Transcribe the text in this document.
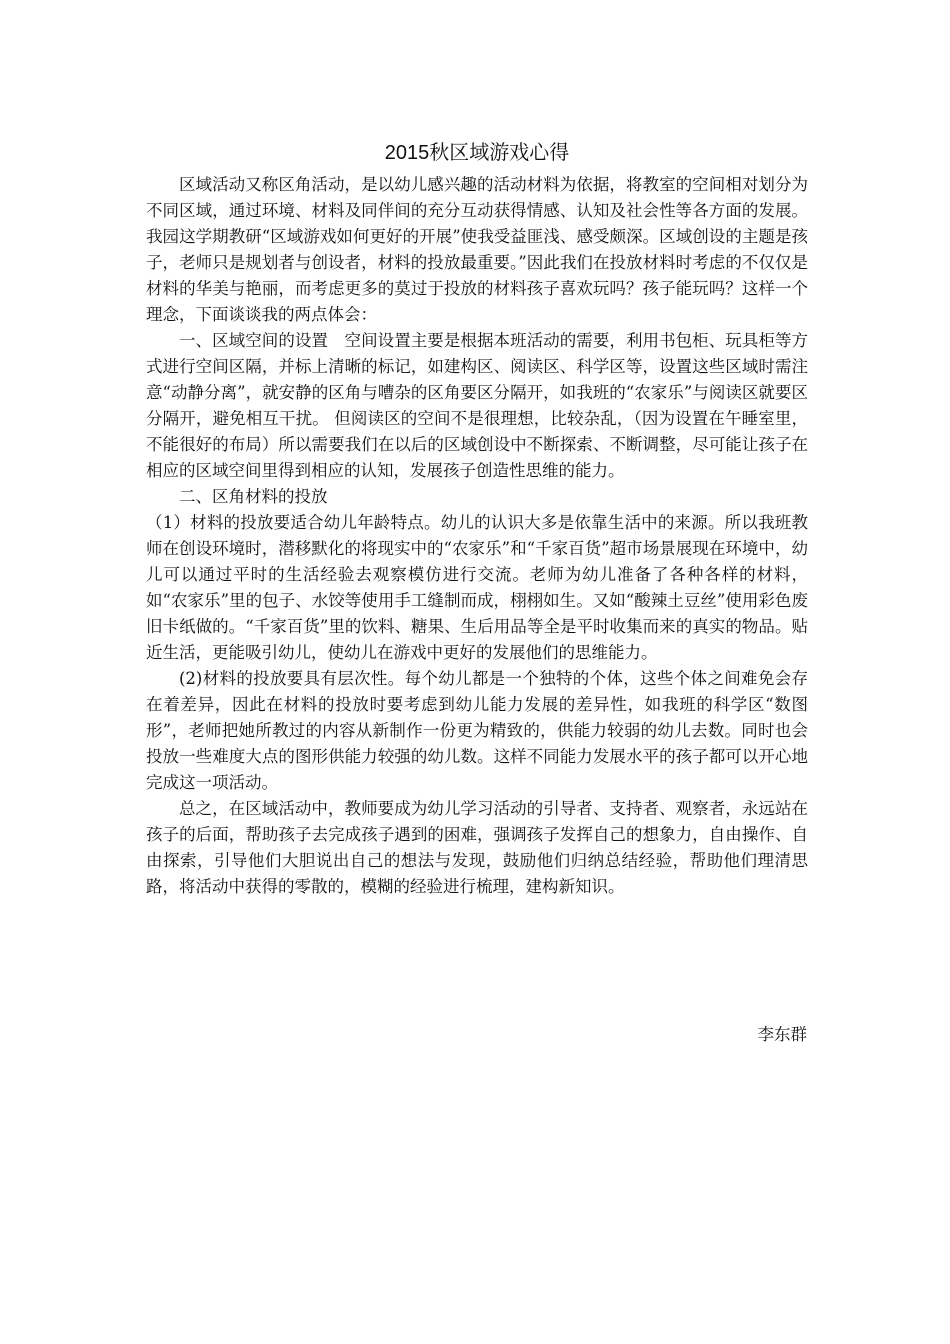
2015秋区域游戏心得

区域活动又称区角活动，是以幼儿感兴趣的活动材料为依据，将教室的空间相对划分为不同区域，通过环境、材料及同伴间的充分互动获得情感、认知及社会性等各方面的发展。 我园这学期教研“区域游戏如何更好的开展”使我受益匪浅、感受颇深。区域创设的主题是孩子，老师只是规划者与创设者，材料的投放最重要。”因此我们在投放材料时考虑的不仅仅是材料的华美与艳丽，而考虑更多的莫过于投放的材料孩子喜欢玩吗？孩子能玩吗？这样一个理念，下面谈谈我的两点体会：

一、区域空间的设置　空间设置主要是根据本班活动的需要，利用书包柜、玩具柜等方式进行空间区隔，并标上清晰的标记，如建构区、阅读区、科学区等，设置这些区域时需注意“动静分离”，就安静的区角与嘈杂的区角要区分隔开，如我班的“农家乐”与阅读区就要区分隔开，避免相互干扰。 但阅读区的空间不是很理想，比较杂乱，（因为设置在午睡室里，不能很好的布局）所以需要我们在以后的区域创设中不断探索、不断调整，尽可能让孩子在相应的区域空间里得到相应的认知，发展孩子创造性思维的能力。

二、区角材料的投放

（1）材料的投放要适合幼儿年龄特点。幼儿的认识大多是依靠生活中的来源。所以我班教师在创设环境时，潜移默化的将现实中的“农家乐”和“千家百货”超市场景展现在环境中，幼儿可以通过平时的生活经验去观察模仿进行交流。老师为幼儿准备了各种各样的材料，如“农家乐”里的包子、水饺等使用手工缝制而成，栩栩如生。又如“酸辣土豆丝”使用彩色废旧卡纸做的。“千家百货”里的饮料、糖果、生后用品等全是平时收集而来的真实的物品。贴近生活，更能吸引幼儿，使幼儿在游戏中更好的发展他们的思维能力。

(2)材料的投放要具有层次性。每个幼儿都是一个独特的个体，这些个体之间难免会存在着差异，因此在材料的投放时要考虑到幼儿能力发展的差异性，如我班的科学区“数图形”，老师把她所教过的内容从新制作一份更为精致的，供能力较弱的幼儿去数。同时也会投放一些难度大点的图形供能力较强的幼儿数。这样不同能力发展水平的孩子都可以开心地完成这一项活动。

总之，在区域活动中，教师要成为幼儿学习活动的引导者、支持者、观察者，永远站在孩子的后面，帮助孩子去完成孩子遇到的困难，强调孩子发挥自己的想象力，自由操作、自由探索，引导他们大胆说出自己的想法与发现，鼓励他们归纳总结经验，帮助他们理清思路，将活动中获得的零散的，模糊的经验进行梳理，建构新知识。

李东群
